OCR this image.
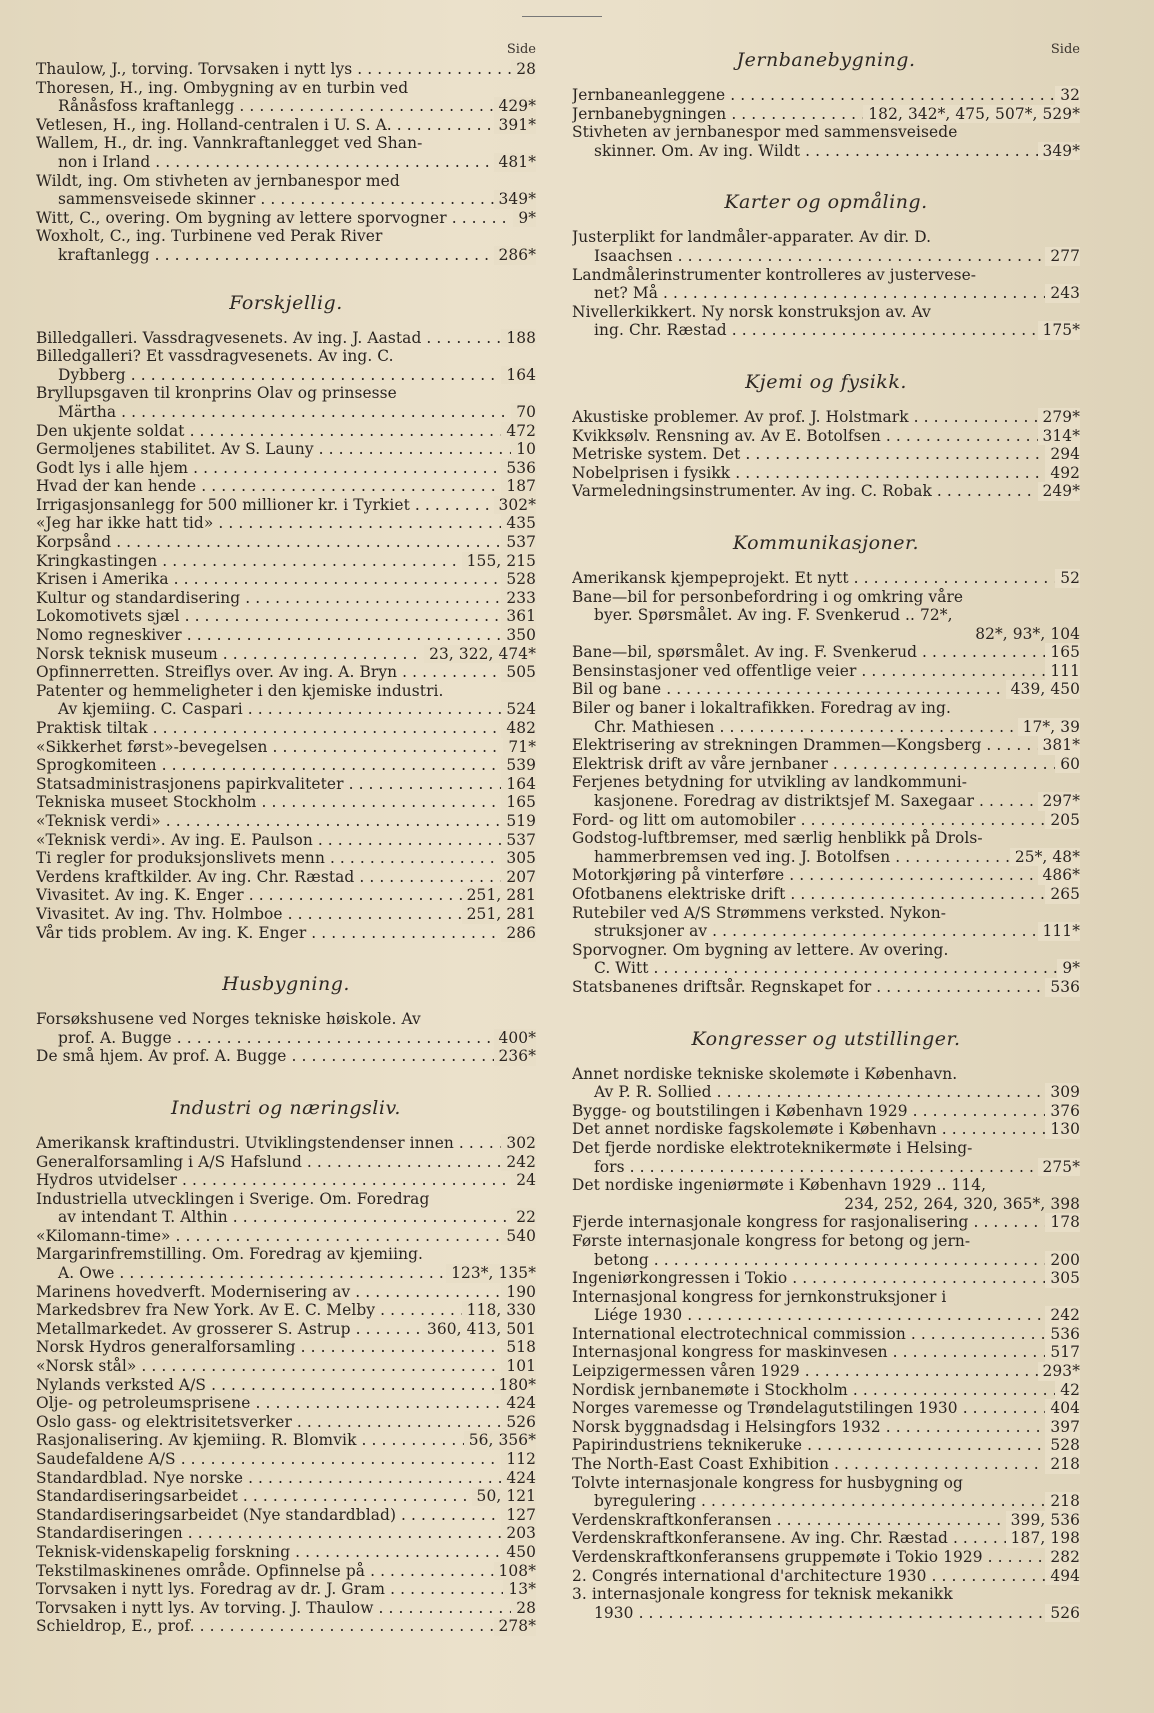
Side
Thaulow, J., torving. Torvsaken i nytt lys	28
. . .
Thoresen, H., ing. Ombygning av en turbin ved
Rånåsfoss kraftanlegg	429*
. . .
Vetlesen, H., ing. Holland-centralen i U. S. A.	391*
. . .
Wallem, H., dr. ing. Vannkraftanlegget ved Shan-
non i Irland	481*
. . .
Wildt, ing. Om stivheten av jernbanespor med
sammensveisede skinner	349*
. . .
Witt, C., overing. Om bygning av lettere sporvogner	9*
. . .
Woxholt, C., ing. Turbinene ved Perak River
kraftanlegg	286*
. . .
Forskjellig.
Billedgalleri. Vassdragvesenets. Av ing. J. Aastad	188
. . .
Billedgalleri? Et vassdragvesenets. Av ing. C.
Dybberg	164
. . .
Bryllupsgaven til kronprins Olav og prinsesse
Märtha	70
. . .
Den ukjente soldat	472
. . .
Germoljenes stabilitet. Av S. Launy	10
. . .
Godt lys i alle hjem	536
. . .
Hvad der kan hende	187
. . .
Irrigasjonsanlegg for 500 millioner kr. i Tyrkiet	302*
. . .
«Jeg har ikke hatt tid»	435
. . .
Korpsånd	537
. . .
Kringkastingen	155, 215
. . .
Krisen i Amerika	528
. . .
Kultur og standardisering	233
. . .
Lokomotivets sjæl	361
. . .
Nomo regneskiver	350
. . .
Norsk teknisk museum	23, 322, 474*
. . .
Opfinnerretten. Streiflys over. Av ing. A. Bryn	505
. . .
Patenter og hemmeligheter i den kjemiske industri.
Av kjemiing. C. Caspari	524
. . .
Praktisk tiltak	482
. . .
«Sikkerhet først»-bevegelsen	71*
. . .
Sprogkomiteen	539
. . .
Statsadministrasjonens papirkvaliteter	164
. . .
Tekniska museet Stockholm	165
. . .
«Teknisk verdi»	519
. . .
«Teknisk verdi». Av ing. E. Paulson	537
. . .
Ti regler for produksjonslivets menn	305
. . .
Verdens kraftkilder. Av ing. Chr. Ræstad	207
. . .
Vivasitet. Av ing. K. Enger	251, 281
. . .
Vivasitet. Av ing. Thv. Holmboe	251, 281
. . .
Vår tids problem. Av ing. K. Enger	286
. . .
Husbygning.
Forsøkshusene ved Norges tekniske høiskole. Av
prof. A. Bugge	400*
. . .
De små hjem. Av prof. A. Bugge	236*
. . .
Industri og næringsliv.
Amerikansk kraftindustri. Utviklingstendenser innen	302
. . .
Generalforsamling i A/S Hafslund	242
. . .
Hydros utvidelser	24
. . .
Industriella utvecklingen i Sverige. Om. Foredrag
av intendant T. Althin	22
. . .
«Kilomann-time»	540
. . .
Margarinfremstilling. Om. Foredrag av kjemiing.
A. Owe	123*, 135*
. . .
Marinens hovedverft. Modernisering av	190
. . .
Markedsbrev fra New York. Av E. C. Melby	118, 330
. . .
Metallmarkedet. Av grosserer S. Astrup	360, 413, 501
. . .
Norsk Hydros generalforsamling	518
. . .
«Norsk stål»	101
. . .
Nylands verksted A/S	180*
. . .
Olje- og petroleumsprisene	424
. . .
Oslo gass- og elektrisitetsverker	526
. . .
Rasjonalisering. Av kjemiing. R. Blomvik	56, 356*
. . .
Saudefaldene A/S	112
. . .
Standardblad. Nye norske	424
. . .
Standardiseringsarbeidet	50, 121
. . .
Standardiseringsarbeidet (Nye standardblad)	127
. . .
Standardiseringen	203
. . .
Teknisk-videnskapelig forskning	450
. . .
Tekstilmaskinenes område. Opfinnelse på	108*
. . .
Torvsaken i nytt lys. Foredrag av dr. J. Gram	13*
. . .
Torvsaken i nytt lys. Av torving. J. Thaulow	28
. . .
Schieldrop, E., prof.	278*
. . .
Side
Jernbanebygning.
Jernbaneanleggene	32
. . .
Jernbanebygningen	182, 342*, 475, 507*, 529*
. . .
Stivheten av jernbanespor med sammensveisede
skinner. Om. Av ing. Wildt	349*
. . .
Karter og opmåling.
Justerplikt for landmåler-apparater. Av dir. D.
Isaachsen	277
. . .
Landmålerinstrumenter kontrolleres av justervese-
net? Må	243
. . .
Nivellerkikkert. Ny norsk konstruksjon av. Av
ing. Chr. Ræstad	175*
. . .
Kjemi og fysikk.
Akustiske problemer. Av prof. J. Holstmark	279*
. . .
Kvikksølv. Rensning av. Av E. Botolfsen	314*
. . .
Metriske system. Det	294
. . .
Nobelprisen i fysikk	492
. . .
Varmeledningsinstrumenter. Av ing. C. Robak	249*
. . .
Kommunikasjoner.
Amerikansk kjempeprojekt. Et nytt	52
. . .
Bane—bil for personbefordring i og omkring våre
byer. Spørsmålet. Av ing. F. Svenkerud .. 72*,
82*, 93*, 104
Bane—bil, spørsmålet. Av ing. F. Svenkerud	165
. . .
Bensinstasjoner ved offentlige veier	111
. . .
Bil og bane	439, 450
. . .
Biler og baner i lokaltrafikken. Foredrag av ing.
Chr. Mathiesen	17*, 39
. . .
Elektrisering av strekningen Drammen—Kongsberg	381*
. . .
Elektrisk drift av våre jernbaner	60
. . .
Ferjenes betydning for utvikling av landkommuni-
kasjonene. Foredrag av distriktsjef M. Saxegaar	297*
. . .
Ford- og litt om automobiler	205
. . .
Godstog-luftbremser, med særlig henblikk på Drols-
hammerbremsen ved ing. J. Botolfsen	25*, 48*
. . .
Motorkjøring på vinterføre	486*
. . .
Ofotbanens elektriske drift	265
. . .
Rutebiler ved A/S Strømmens verksted. Nykon-
struksjoner av	111*
. . .
Sporvogner. Om bygning av lettere. Av overing.
C. Witt	9*
. . .
Statsbanenes driftsår. Regnskapet for	536
. . .
Kongresser og utstillinger.
Annet nordiske tekniske skolemøte i København.
Av P. R. Sollied	309
. . .
Bygge- og boutstilingen i København 1929	376
. . .
Det annet nordiske fagskolemøte i København	130
. . .
Det fjerde nordiske elektroteknikermøte i Helsing-
fors	275*
. . .
Det nordiske ingeniørmøte i København 1929 .. 114,
234, 252, 264, 320, 365*, 398
Fjerde internasjonale kongress for rasjonalisering	178
. . .
Første internasjonale kongress for betong og jern-
betong	200
. . .
Ingeniørkongressen i Tokio	305
. . .
Internasjonal kongress for jernkonstruksjoner i
Liége 1930	242
. . .
International electrotechnical commission	536
. . .
Internasjonal kongress for maskinvesen	517
. . .
Leipzigermessen våren 1929	293*
. . .
Nordisk jernbanemøte i Stockholm	42
. . .
Norges varemesse og Trøndelagutstilingen 1930	404
. . .
Norsk byggnadsdag i Helsingfors 1932	397
. . .
Papirindustriens teknikeruke	528
. . .
The North-East Coast Exhibition	218
. . .
Tolvte internasjonale kongress for husbygning og
byregulering	218
. . .
Verdenskraftkonferansen	399, 536
. . .
Verdenskraftkonferansene. Av ing. Chr. Ræstad	187, 198
. . .
Verdenskraftkonferansens gruppemøte i Tokio 1929	282
. . .
2. Congrés international d'architecture 1930	494
. . .
3. internasjonale kongress for teknisk mekanikk
1930	526
. . .
